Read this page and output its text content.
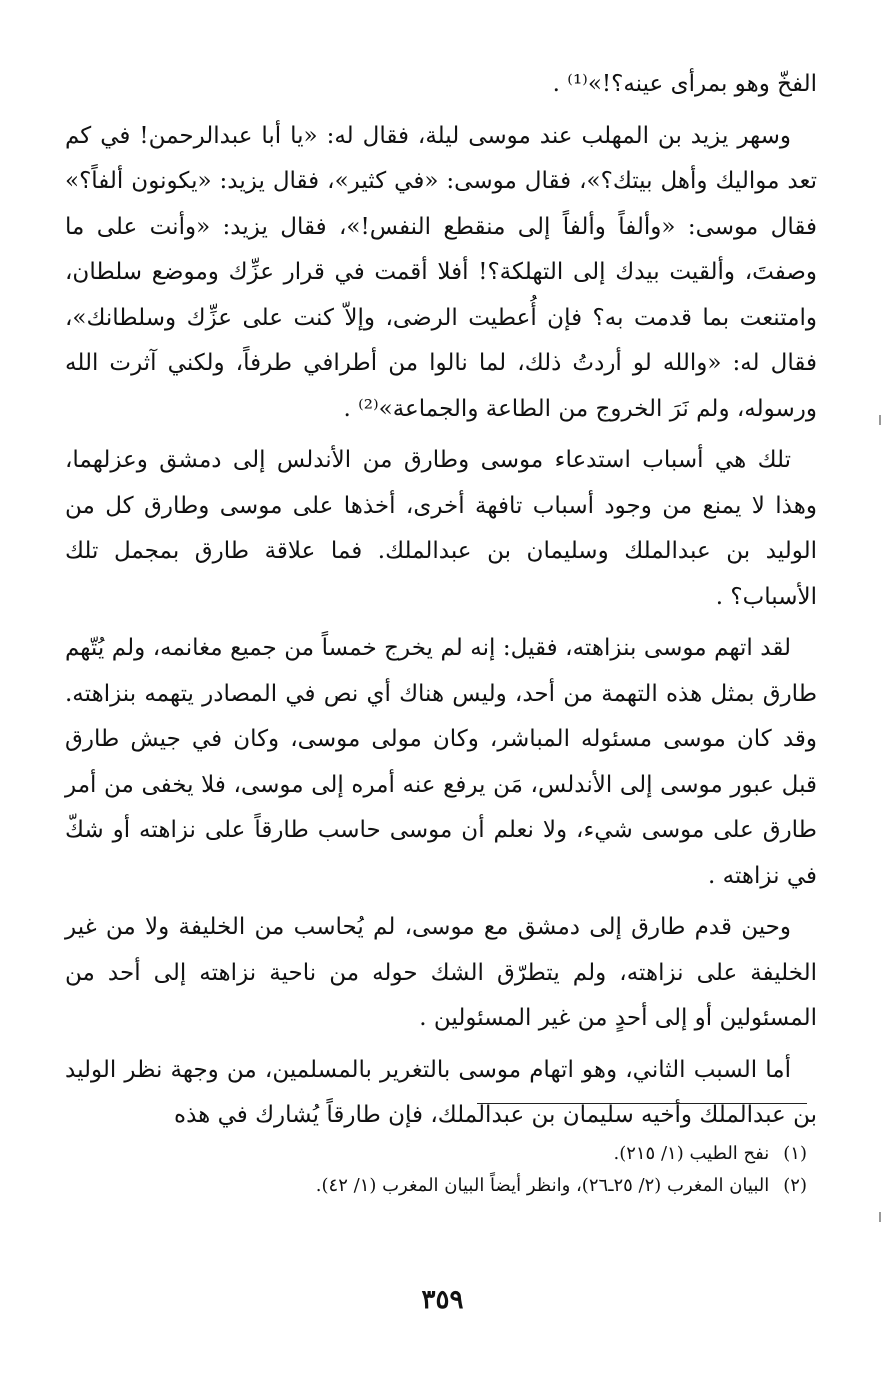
الفخّ وهو بمرأى عينه؟!»⁽¹⁾ .

وسهر يزيد بن المهلب عند موسى ليلة، فقال له: «يا أبا عبدالرحمن! في كم تعد مواليك وأهل بيتك؟»، فقال موسى: «في كثير»، فقال يزيد: «يكونون ألفاً؟» فقال موسى: «وألفاً وألفاً إلى منقطع النفس!»، فقال يزيد: «وأنت على ما وصفتَ، وألقيت بيدك إلى التهلكة؟! أفلا أقمت في قرار عزِّك وموضع سلطان، وامتنعت بما قدمت به؟ فإن أُعطيت الرضى، وإلاّ كنت على عزِّك وسلطانك»، فقال له: «والله لو أردتُ ذلك، لما نالوا من أطرافي طرفاً، ولكني آثرت الله ورسوله، ولم نَرَ الخروج من الطاعة والجماعة»⁽²⁾ .

تلك هي أسباب استدعاء موسى وطارق من الأندلس إلى دمشق وعزلهما، وهذا لا يمنع من وجود أسباب تافهة أخرى، أخذها على موسى وطارق كل من الوليد بن عبدالملك وسليمان بن عبدالملك. فما علاقة طارق بمجمل تلك الأسباب؟ .

لقد اتهم موسى بنزاهته، فقيل: إنه لم يخرج خمساً من جميع مغانمه، ولم يُتّهم طارق بمثل هذه التهمة من أحد، وليس هناك أي نص في المصادر يتهمه بنزاهته. وقد كان موسى مسئوله المباشر، وكان مولى موسى، وكان في جيش طارق قبل عبور موسى إلى الأندلس، مَن يرفع عنه أمره إلى موسى، فلا يخفى من أمر طارق على موسى شيء، ولا نعلم أن موسى حاسب طارقاً على نزاهته أو شكّ في نزاهته .

وحين قدم طارق إلى دمشق مع موسى، لم يُحاسب من الخليفة ولا من غير الخليفة على نزاهته، ولم يتطرّق الشك حوله من ناحية نزاهته إلى أحد من المسئولين أو إلى أحدٍ من غير المسئولين .

أما السبب الثاني، وهو اتهام موسى بالتغرير بالمسلمين، من وجهة نظر الوليد بن عبدالملك وأخيه سليمان بن عبدالملك، فإن طارقاً يُشارك في هذه

(١)
نفح الطيب (١/ ٢١٥).
(٢)
البيان المغرب (٢/ ٢٥ـ٢٦)، وانظر أيضاً البيان المغرب (١/ ٤٢).
٣٥٩
